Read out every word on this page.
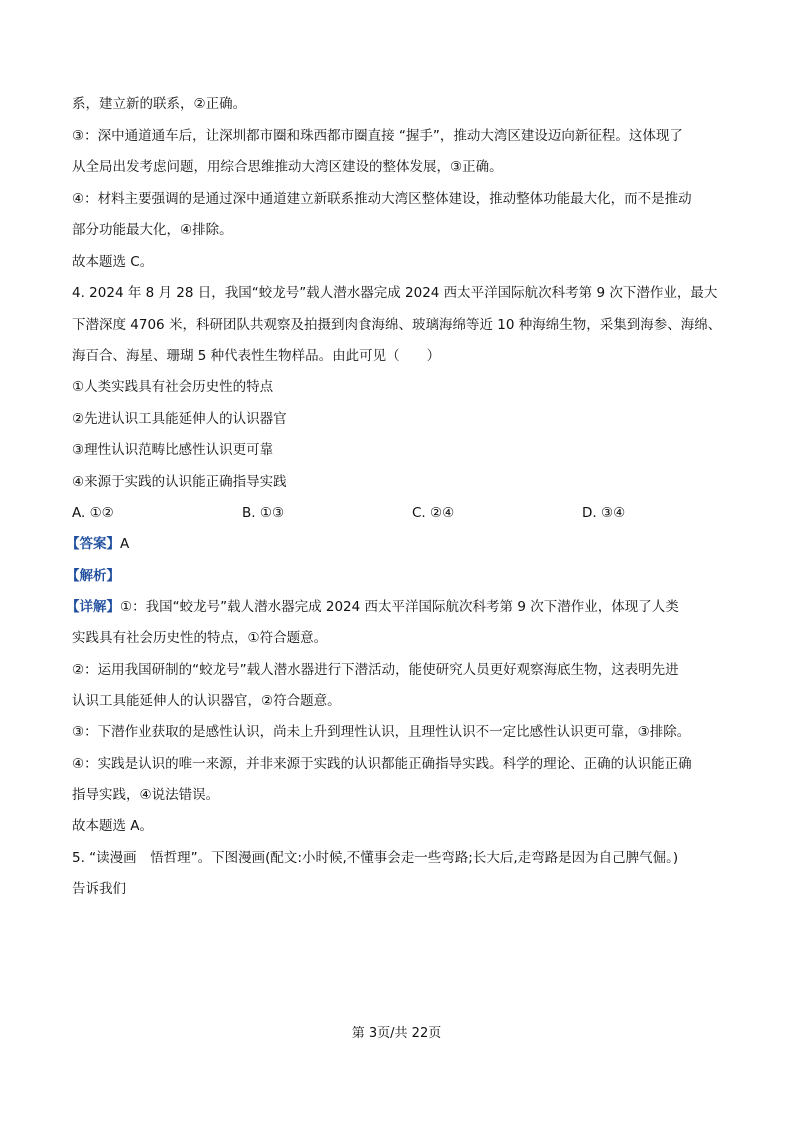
系，建立新的联系，②正确。
③：深中通道通车后，让深圳都市圈和珠西都市圈直接 “握手”，推动大湾区建设迈向新征程。这体现了
从全局出发考虑问题，用综合思维推动大湾区建设的整体发展，③正确。
④：材料主要强调的是通过深中通道建立新联系推动大湾区整体建设，推动整体功能最大化，而不是推动
部分功能最大化，④排除。
故本题选 C。
4. 2024 年 8 月 28 日，我国“蛟龙号”载人潜水器完成 2024 西太平洋国际航次科考第 9 次下潜作业，最大
下潜深度 4706 米，科研团队共观察及拍摄到肉食海绵、玻璃海绵等近 10 种海绵生物，采集到海参、海绵、
海百合、海星、珊瑚 5 种代表性生物样品。由此可见（　　）
①人类实践具有社会历史性的特点
②先进认识工具能延伸人的认识器官
③理性认识范畴比感性认识更可靠
④来源于实践的认识能正确指导实践
A. ①②	B. ①③	C. ②④	D. ③④
【答案】A
【解析】
【详解】①：我国“蛟龙号”载人潜水器完成 2024 西太平洋国际航次科考第 9 次下潜作业，体现了人类
实践具有社会历史性的特点，①符合题意。
②：运用我国研制的“蛟龙号”载人潜水器进行下潜活动，能使研究人员更好观察海底生物，这表明先进
认识工具能延伸人的认识器官，②符合题意。
③：下潜作业获取的是感性认识，尚未上升到理性认识，且理性认识不一定比感性认识更可靠，③排除。
④：实践是认识的唯一来源，并非来源于实践的认识都能正确指导实践。科学的理论、正确的认识能正确
指导实践，④说法错误。
故本题选 A。
5. “读漫画　悟哲理”。下图漫画(配文:小时候,不懂事会走一些弯路;长大后,走弯路是因为自己脾气倔。)
告诉我们
第 3页/共 22页
